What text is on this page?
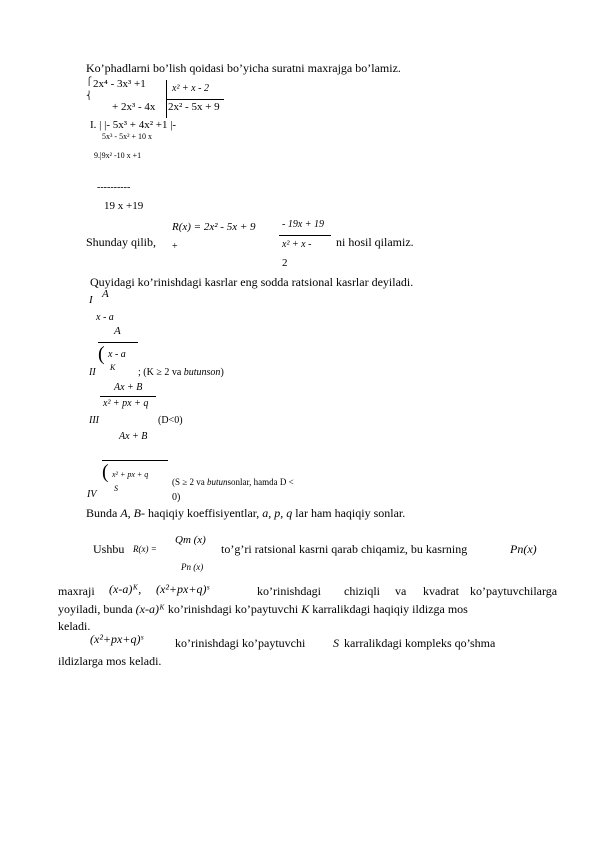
Ko’phadlarni bo’lish qoidasi bo’yicha suratni maxrajga bo’lamiz.
⎧ 2x⁴ - 3x³ +1	x² + x - 2
⎨
+ 2x³ - 4x 2x² - 5x + 9
I. | |- 5x³ + 4x² +1 |-
5x³ - 5x² + 10 x
9.|9x² -10 x +1
----------
19 x +19
Shunday qilib, +
R(x) = 2x² - 5x + 9	- 19x + 19
x² + x - ni hosil qilamiz.
2
Quyidagi ko’rinishdagi kasrlar eng sodda ratsional kasrlar deyiladi.
I A
x - a
A
( x - a
II K ; (K ≥ 2 va butunson)
Ax + B
x² + px + q
III	(D<0)
Ax + B
( x² + px + q
IV
S
(S ≥ 2 va butunsonlar, hamda D <
0)
Bunda A, B- haqiqiy koeffisiyentlar, a, p, q lar ham haqiqiy sonlar.
Ushbu R(x) =
Qm (x)
Pn (x)
to’g’ri ratsional kasrni qarab chiqamiz, bu kasrning	Pn(x)
maxraji (x-a)ᴷ, (x²+px+q)ˢ	ko’rinishdagi chiziqli va kvadrat ko’paytuvchilarga
yoyiladi, bunda (x-a)ᴷ ko’rinishdagi ko’paytuvchi K karralikdagi haqiqiy ildizga mos
keladi.
(x²+px+q)ˢ	ko’rinishdagi ko’paytuvchi S karralikdagi kompleks qo’shma
ildizlarga mos keladi.
